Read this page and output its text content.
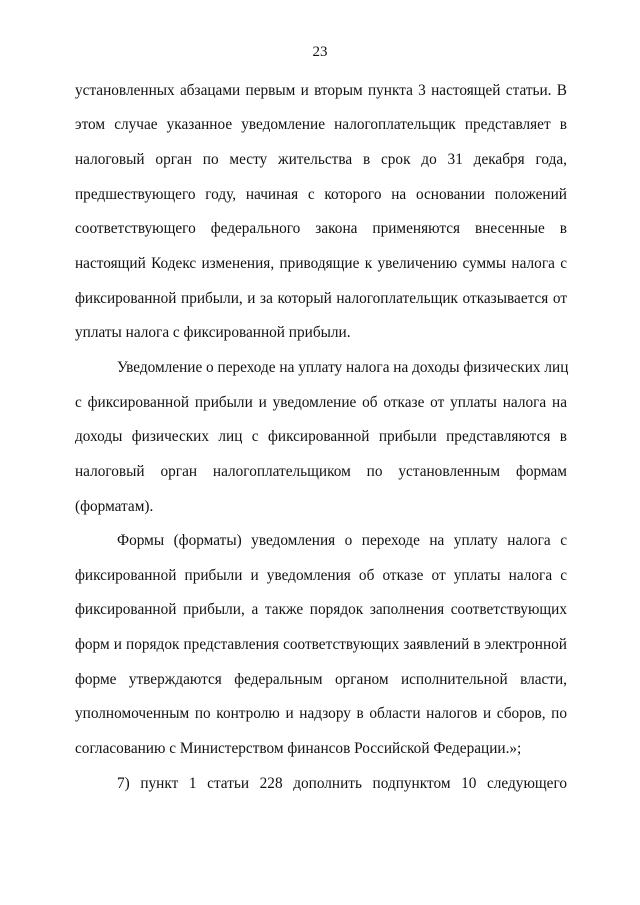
23
установленных абзацами первым и вторым пункта 3 настоящей статьи. В
этом случае указанное уведомление налогоплательщик представляет в
налоговый орган по месту жительства в срок до 31 декабря года,
предшествующего году, начиная с которого на основании положений
соответствующего федерального закона применяются внесенные в
настоящий Кодекс изменения, приводящие к увеличению суммы налога с
фиксированной прибыли, и за который налогоплательщик отказывается от
уплаты налога с фиксированной прибыли.
Уведомление о переходе на уплату налога на доходы физических лиц
с фиксированной прибыли и уведомление об отказе от уплаты налога на
доходы физических лиц с фиксированной прибыли представляются в
налоговый орган налогоплательщиком по установленным формам
(форматам).
Формы (форматы) уведомления о переходе на уплату налога с
фиксированной прибыли и уведомления об отказе от уплаты налога с
фиксированной прибыли, а также порядок заполнения соответствующих
форм и порядок представления соответствующих заявлений в электронной
форме утверждаются федеральным органом исполнительной власти,
уполномоченным по контролю и надзору в области налогов и сборов, по
согласованию с Министерством финансов Российской Федерации.»;
7) пункт 1 статьи 228 дополнить подпунктом 10 следующего
